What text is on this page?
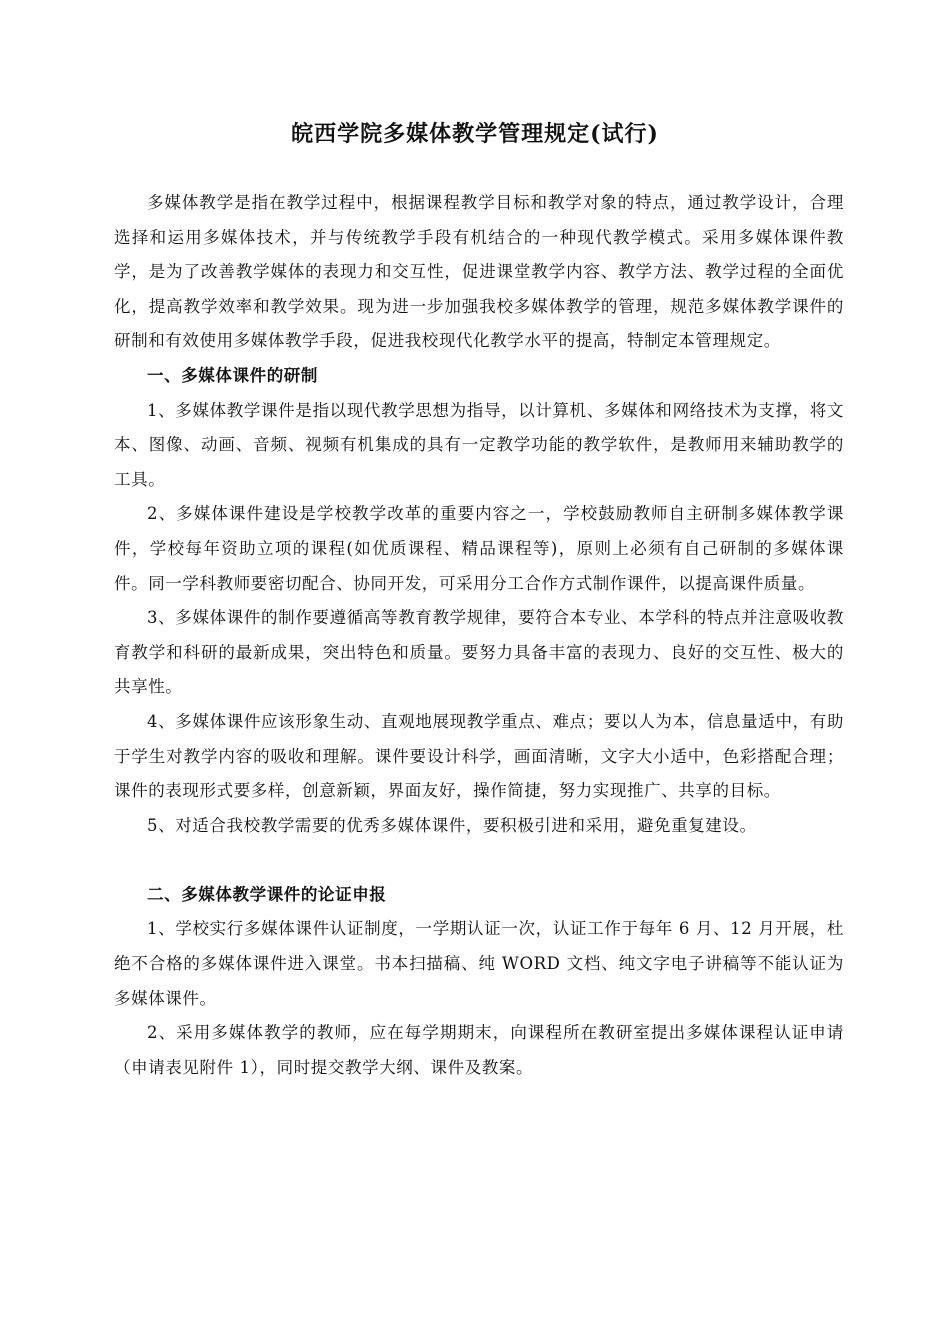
皖西学院多媒体教学管理规定(试行)

多媒体教学是指在教学过程中，根据课程教学目标和教学对象的特点，通过教学设计，合理选择和运用多媒体技术，并与传统教学手段有机结合的一种现代教学模式。采用多媒体课件教学，是为了改善教学媒体的表现力和交互性，促进课堂教学内容、教学方法、教学过程的全面优化，提高教学效率和教学效果。现为进一步加强我校多媒体教学的管理，规范多媒体教学课件的研制和有效使用多媒体教学手段，促进我校现代化教学水平的提高，特制定本管理规定。

一、多媒体课件的研制

1、多媒体教学课件是指以现代教学思想为指导，以计算机、多媒体和网络技术为支撑，将文本、图像、动画、音频、视频有机集成的具有一定教学功能的教学软件，是教师用来辅助教学的工具。

2、多媒体课件建设是学校教学改革的重要内容之一，学校鼓励教师自主研制多媒体教学课件，学校每年资助立项的课程(如优质课程、精品课程等)，原则上必须有自己研制的多媒体课件。同一学科教师要密切配合、协同开发，可采用分工合作方式制作课件，以提高课件质量。

3、多媒体课件的制作要遵循高等教育教学规律，要符合本专业、本学科的特点并注意吸收教育教学和科研的最新成果，突出特色和质量。要努力具备丰富的表现力、良好的交互性、极大的共享性。

4、多媒体课件应该形象生动、直观地展现教学重点、难点；要以人为本，信息量适中，有助于学生对教学内容的吸收和理解。课件要设计科学，画面清晰，文字大小适中，色彩搭配合理；课件的表现形式要多样，创意新颖，界面友好，操作简捷，努力实现推广、共享的目标。

5、对适合我校教学需要的优秀多媒体课件，要积极引进和采用，避免重复建设。

二、多媒体教学课件的论证申报

1、学校实行多媒体课件认证制度，一学期认证一次，认证工作于每年 6 月、12 月开展，杜绝不合格的多媒体课件进入课堂。书本扫描稿、纯 WORD 文档、纯文字电子讲稿等不能认证为多媒体课件。

2、采用多媒体教学的教师，应在每学期期末，向课程所在教研室提出多媒体课程认证申请（申请表见附件 1），同时提交教学大纲、课件及教案。
